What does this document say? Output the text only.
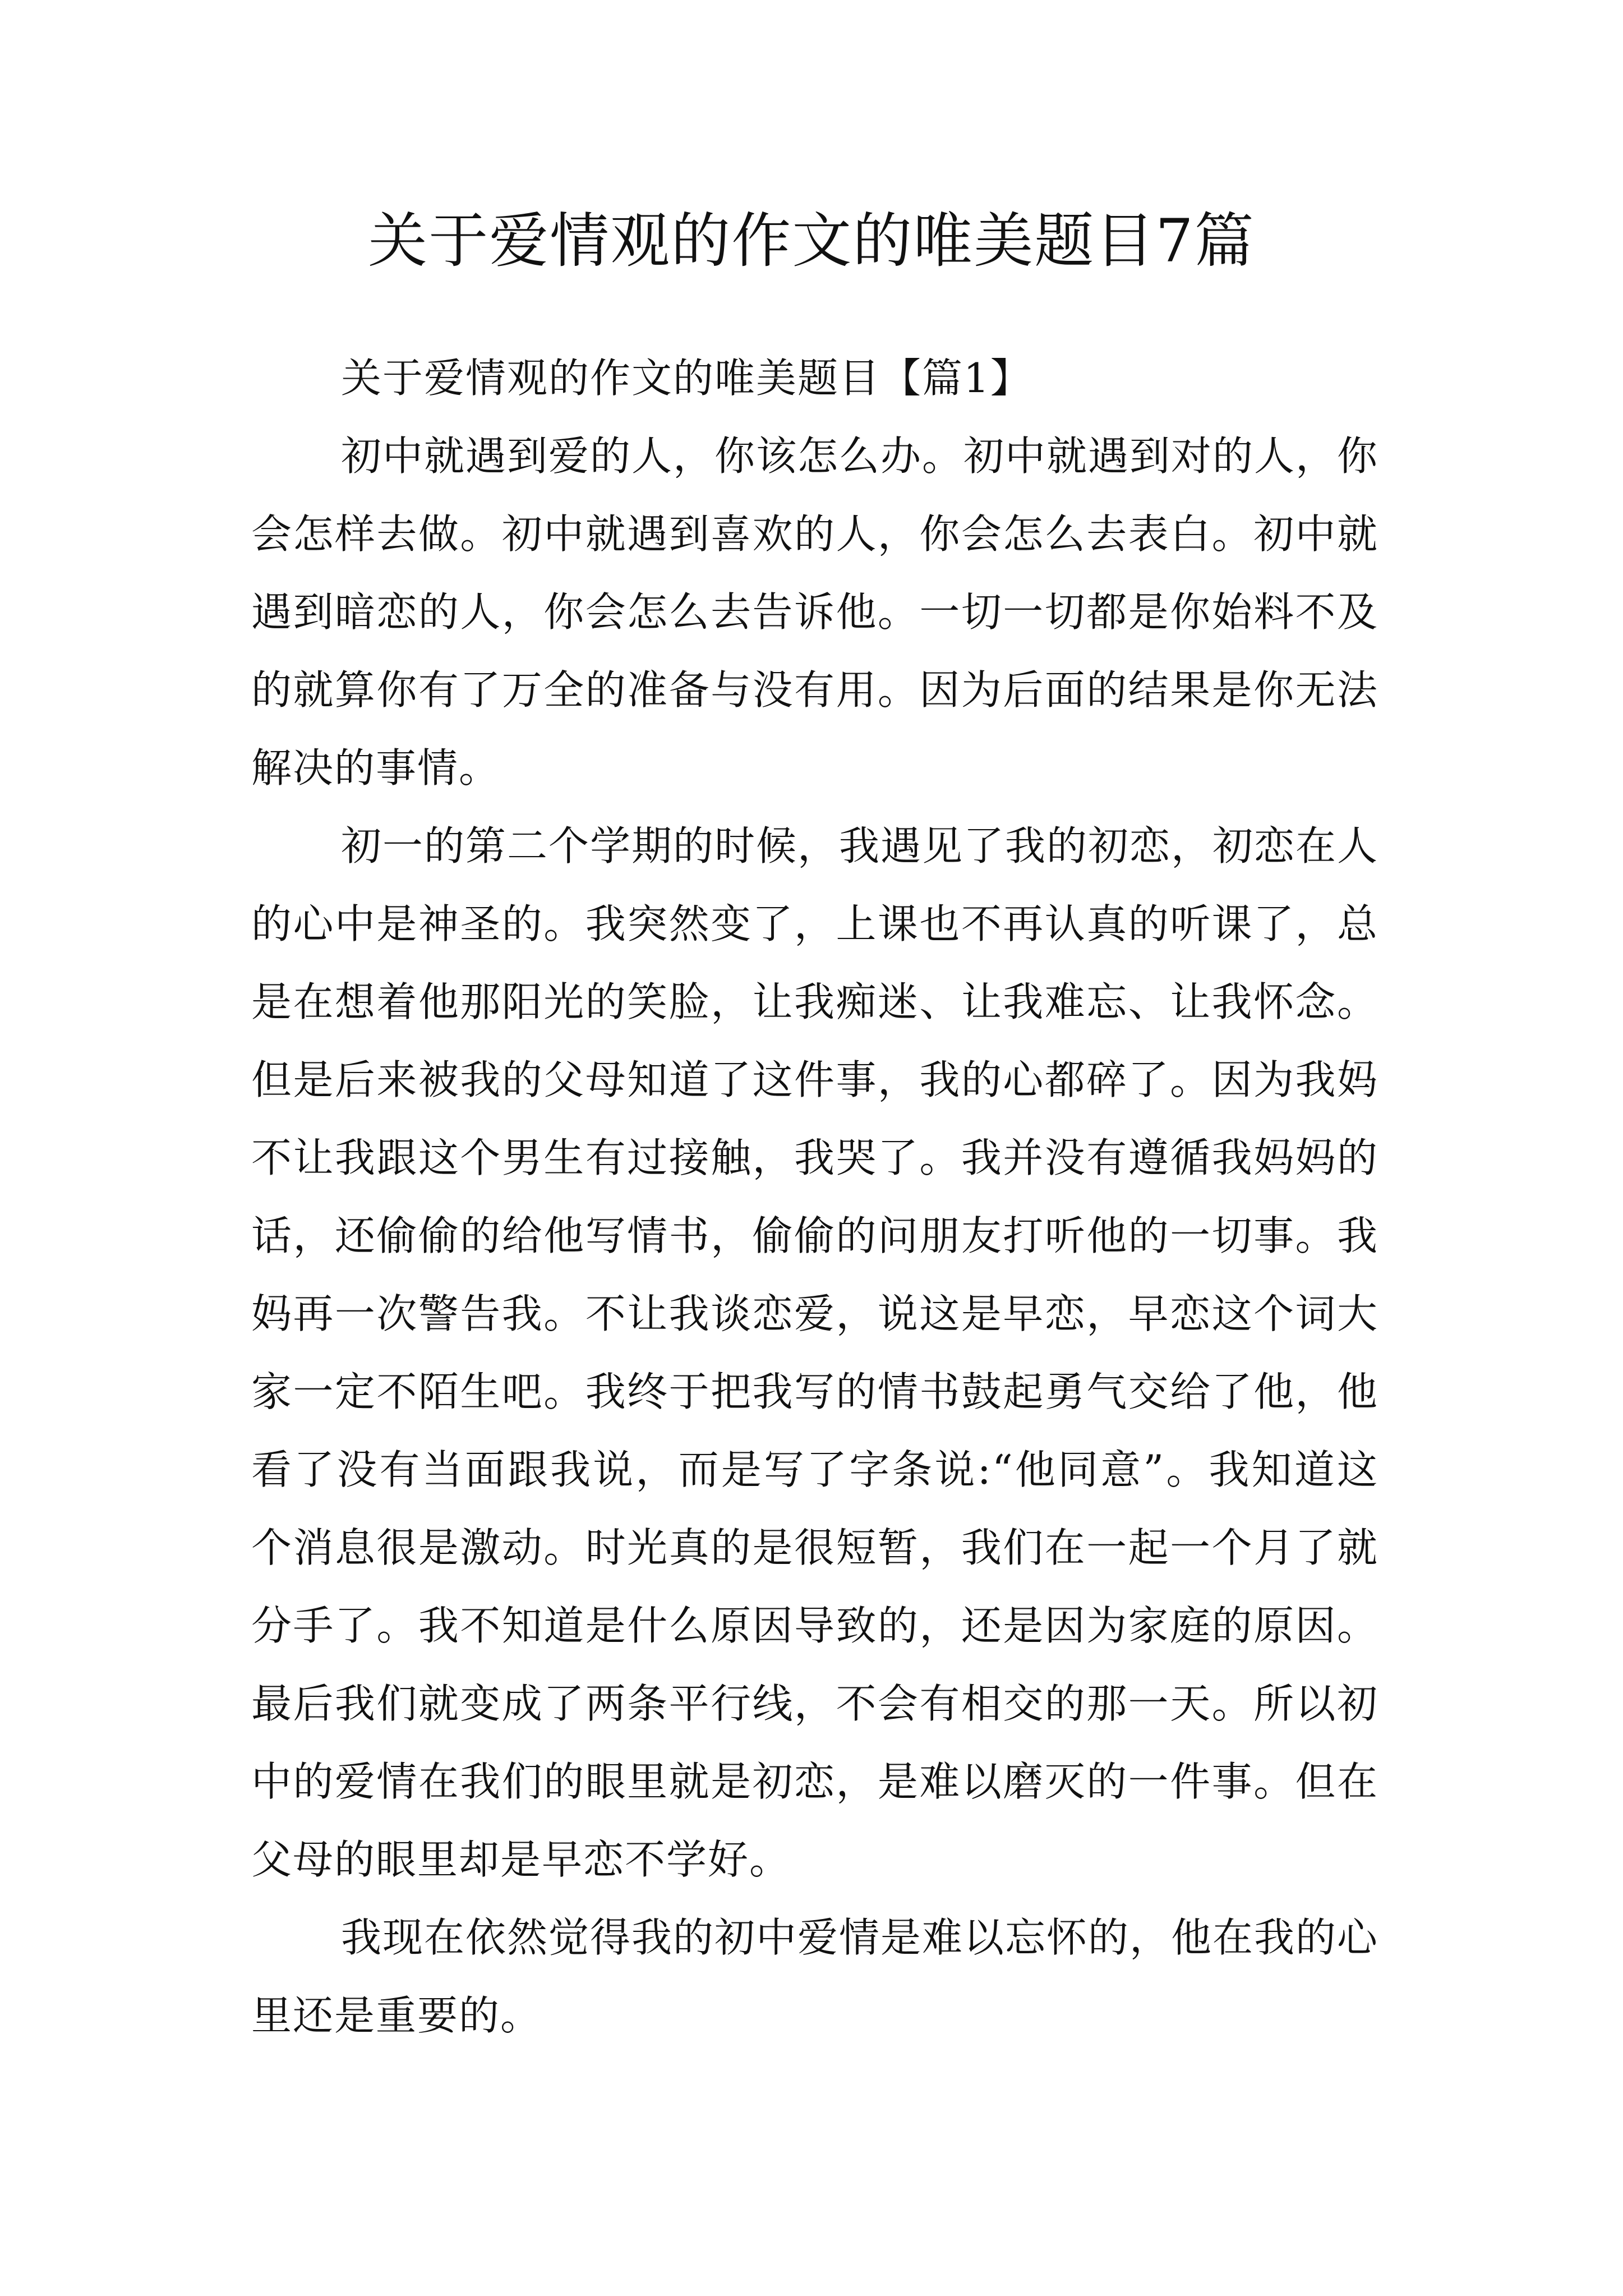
关于爱情观的作文的唯美题目7篇

关于爱情观的作文的唯美题目【篇1】

初中就遇到爱的人，你该怎么办。初中就遇到对的人，你会怎样去做。初中就遇到喜欢的人，你会怎么去表白。初中就遇到暗恋的人，你会怎么去告诉他。一切一切都是你始料不及的就算你有了万全的准备与没有用。因为后面的结果是你无法解决的事情。

初一的第二个学期的时候，我遇见了我的初恋，初恋在人的心中是神圣的。我突然变了，上课也不再认真的听课了，总是在想着他那阳光的笑脸，让我痴迷、让我难忘、让我怀念。但是后来被我的父母知道了这件事，我的心都碎了。因为我妈不让我跟这个男生有过接触，我哭了。我并没有遵循我妈妈的话，还偷偷的给他写情书，偷偷的问朋友打听他的一切事。我妈再一次警告我。不让我谈恋爱，说这是早恋，早恋这个词大家一定不陌生吧。我终于把我写的情书鼓起勇气交给了他，他看了没有当面跟我说，而是写了字条说:“他同意”。我知道这个消息很是激动。时光真的是很短暂，我们在一起一个月了就分手了。我不知道是什么原因导致的，还是因为家庭的原因。最后我们就变成了两条平行线，不会有相交的那一天。所以初中的爱情在我们的眼里就是初恋，是难以磨灭的一件事。但在父母的眼里却是早恋不学好。

我现在依然觉得我的初中爱情是难以忘怀的，他在我的心里还是重要的。
